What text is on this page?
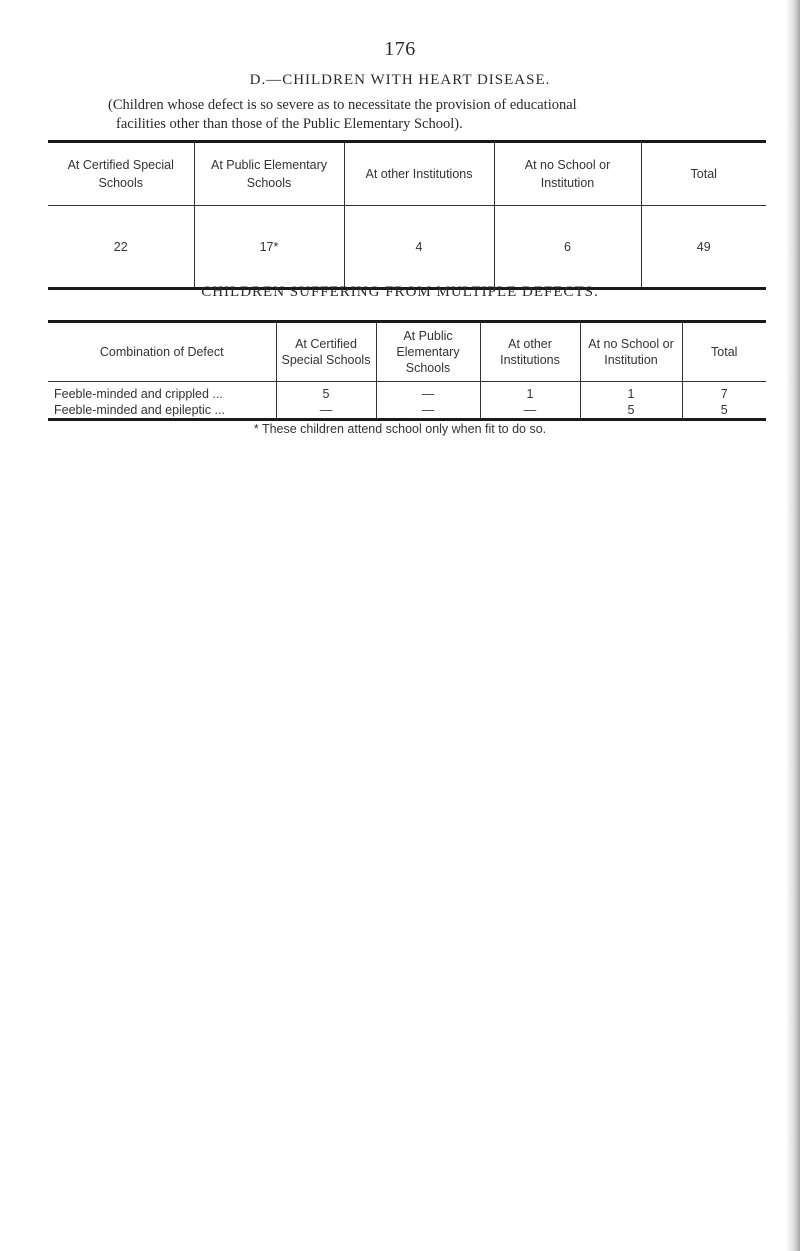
176
D.—CHILDREN WITH HEART DISEASE.
(Children whose defect is so severe as to necessitate the provision of educational
facilities other than those of the Public Elementary School).
At Certified Special Schools	At Public Elementary Schools	At other Institutions	At no School or Institution	Total
22	17*	4	6	49
CHILDREN SUFFERING FROM MULTIPLE DEFECTS.
Combination of Defect	At Certified Special Schools	At Public Elementary Schools	At other Institutions	At no School or Institution	Total
Feeble-minded and crippled ...	5	—	1	1	7
Feeble-minded and epileptic ...	—	—	—	5	5
* These children attend school only when fit to do so.
